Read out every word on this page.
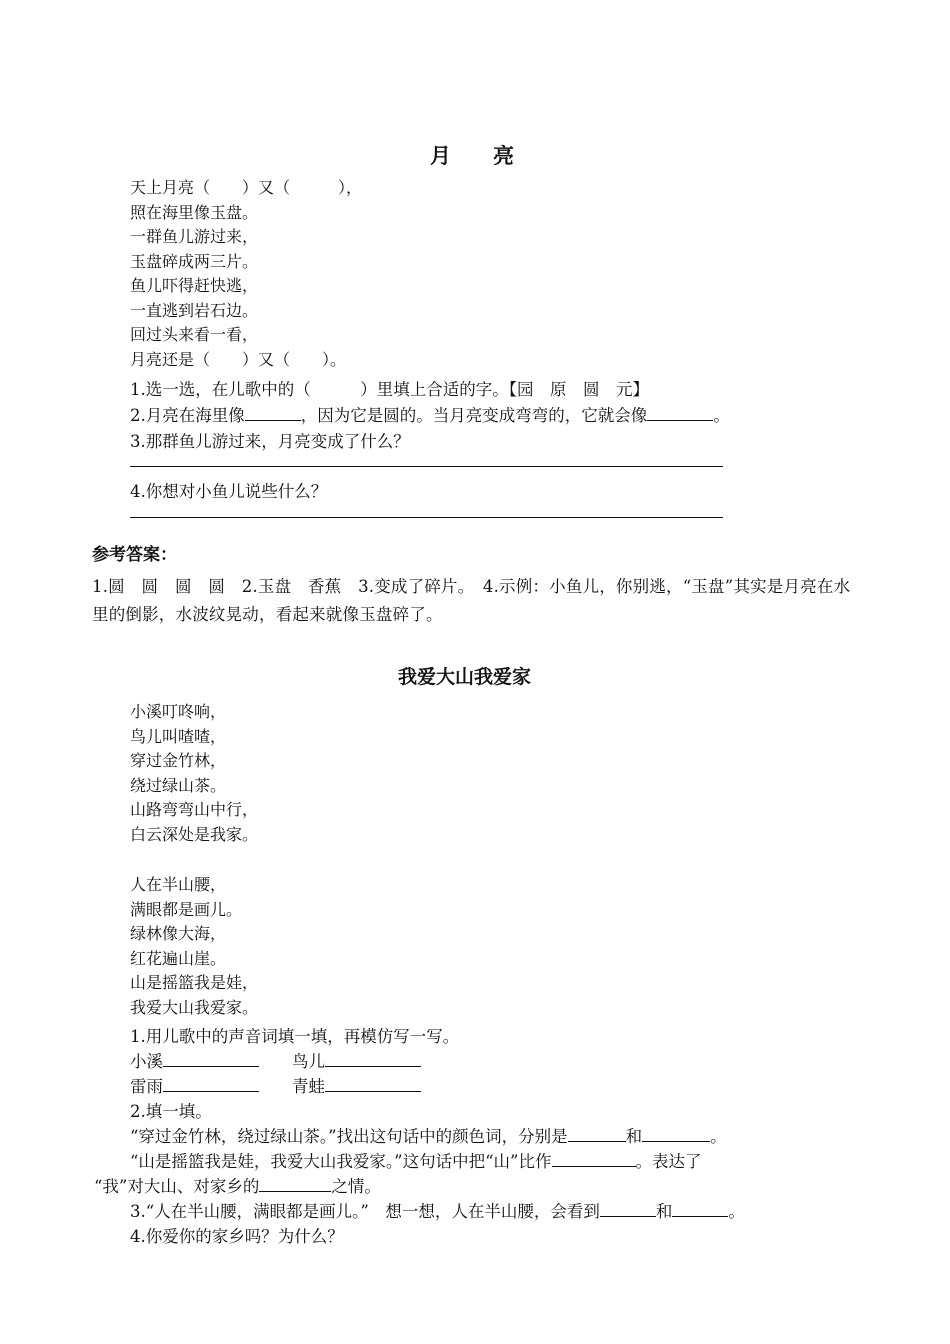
月　　亮
天上月亮（　　）又（　　　），
照在海里像玉盘。
一群鱼儿游过来，
玉盘碎成两三片。
鱼儿吓得赶快逃，
一直逃到岩石边。
回过头来看一看，
月亮还是（　　）又（　　）。
1.选一选，在儿歌中的（　　　）里填上合适的字。【园　原　圆　元】
2.月亮在海里像	，因为它是圆的。当月亮变成弯弯的，它就会像	。
3.那群鱼儿游过来，月亮变成了什么？
4.你想对小鱼儿说些什么？
参考答案：
1.圆　圆　圆　圆　2.玉盘　香蕉　3.变成了碎片。　4.示例：小鱼儿，你别逃，“玉盘”其实是月亮在水里的倒影，水波纹晃动，看起来就像玉盘碎了。
我爱大山我爱家
小溪叮咚响，
鸟儿叫喳喳，
穿过金竹林，
绕过绿山茶。
山路弯弯山中行，
白云深处是我家。
人在半山腰，
满眼都是画儿。
绿林像大海，
红花遍山崖。
山是摇篮我是娃，
我爱大山我爱家。
1.用儿歌中的声音词填一填，再模仿写一写。
小溪	鸟儿
雷雨	青蛙
2.填一填。
“穿过金竹林，绕过绿山茶。”找出这句话中的颜色词，分别是	和	。
“山是摇篮我是娃，我爱大山我爱家。”这句话中把“山”比作	。表达了
“我”对大山、对家乡的	之情。
3.“人在半山腰，满眼都是画儿。”　想一想，人在半山腰，会看到	和	。
4.你爱你的家乡吗？为什么？
